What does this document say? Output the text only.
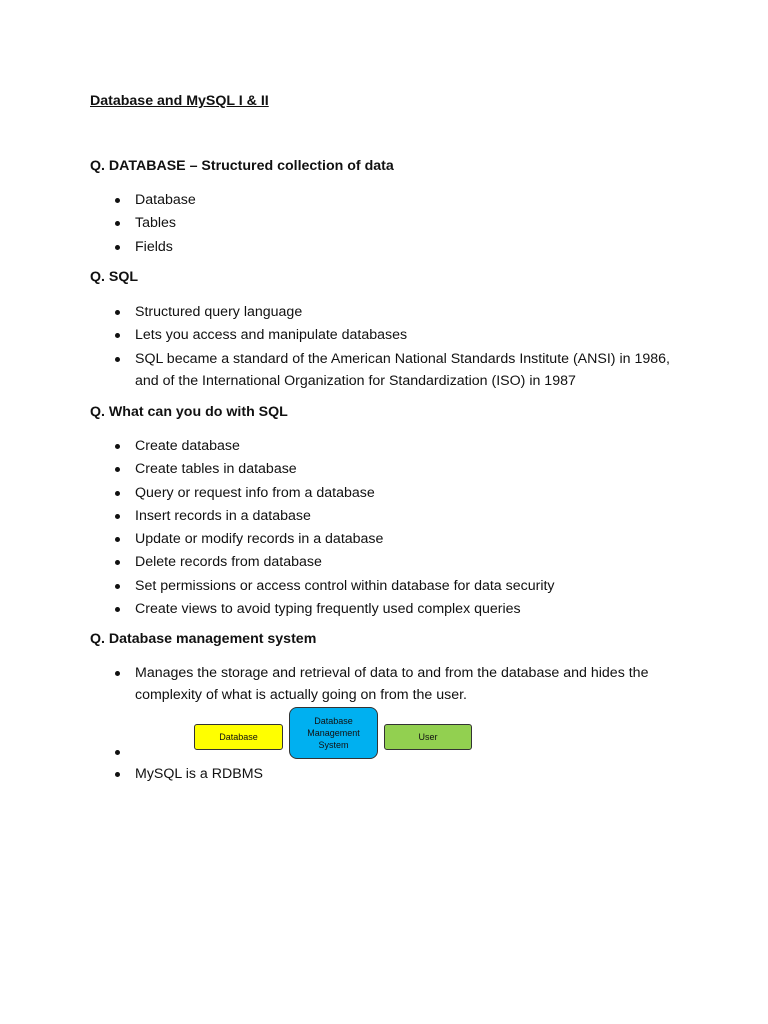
Database and MySQL I & II
Q. DATABASE – Structured collection of data
Database
Tables
Fields
Q. SQL
Structured query language
Lets you access and manipulate databases
SQL became a standard of the American National Standards Institute (ANSI) in 1986, and of the International Organization for Standardization (ISO) in 1987
Q. What can you do with SQL
Create database
Create tables in database
Query or request info from a database
Insert records in a database
Update or modify records in a database
Delete records from database
Set permissions or access control within database for data security
Create views to avoid typing frequently used complex queries
Q. Database management system
Manages the storage and retrieval of data to and from the database and hides the complexity of what is actually going on from the user.
Database
Database Management System
User
MySQL is a RDBMS
